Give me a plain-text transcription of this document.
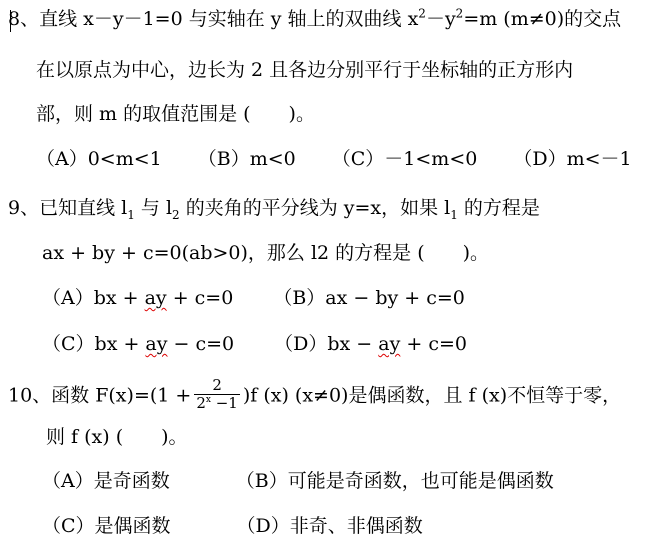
8、直线 x－y－1=0 与实轴在 y 轴上的双曲线 $x^2-y^2=m$ (m≠0)的交点
在以原点为中心，边长为 2 且各边分别平行于坐标轴的正方形内
部，则 m 的取值范围是 (　　)。
（A）0<m<1 （B）m<0 （C）－1<m<0 （D）m<－1
9、已知直线 $l_1$ 与 $l_2$ 的夹角的平分线为 y=x，如果 $l_1$ 的方程是
ax + by + c=0(ab>0)，那么 l2 的方程是 (　　)。
（A）bx + ay + c=0 （B）ax − by + c=0
（C）bx + ay − c=0 （D）bx − ay + c=0
10、函数 $F(x)=(1 + \frac{2}{2^x -1} )f$ (x) (x≠0)是偶函数，且 f (x)不恒等于零，
则 f (x) (　　)。
（A）是奇函数	（B）可能是奇函数，也可能是偶函数
（C）是偶函数	（D）非奇、非偶函数
